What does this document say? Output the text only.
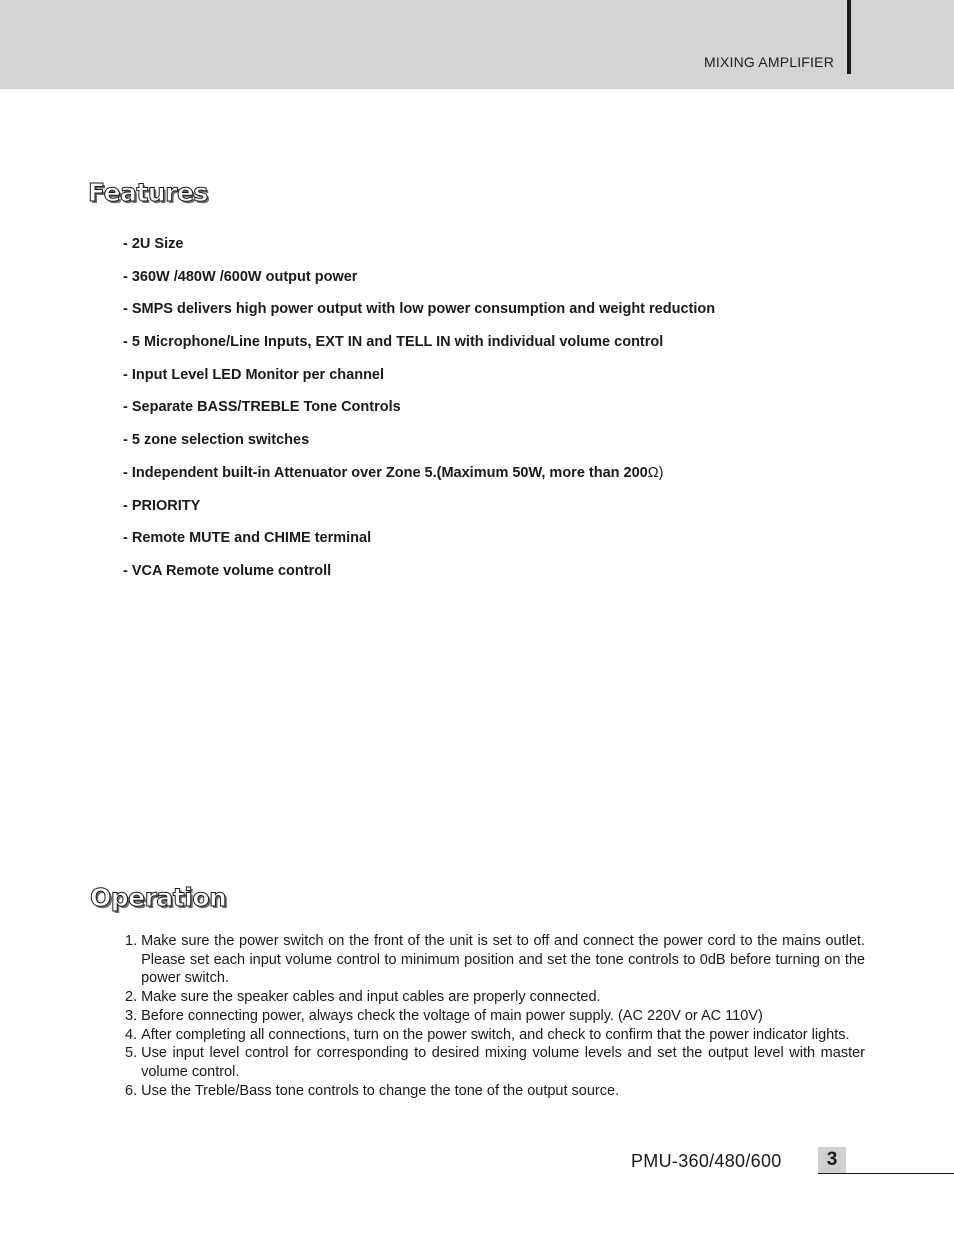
MIXING AMPLIFIER
Features
- 2U Size
- 360W /480W /600W output power
- SMPS delivers high power output with low power consumption and weight reduction
- 5 Microphone/Line Inputs, EXT IN and TELL IN with individual volume control
- Input Level LED Monitor per channel
- Separate BASS/TREBLE Tone Controls
- 5 zone selection switches
- Independent built-in Attenuator over Zone 5.(Maximum 50W, more than 200Ω)
- PRIORITY
- Remote MUTE and CHIME terminal
- VCA Remote volume controll
Operation
1. Make sure the power switch on the front of the unit is set to off and connect the power cord to the mains outlet. Please set each input volume control to minimum position and set the tone controls to 0dB before turning on the power switch.
2. Make sure the speaker cables and input cables are properly connected.
3. Before connecting power, always check the voltage of main power supply. (AC 220V or AC 110V)
4. After completing all connections, turn on the power switch, and check to confirm that the power indicator lights.
5. Use input level control for corresponding to desired mixing volume levels and set the output level with master volume control.
6. Use the Treble/Bass tone controls to change the tone of the output source.
PMU-360/480/600	3
